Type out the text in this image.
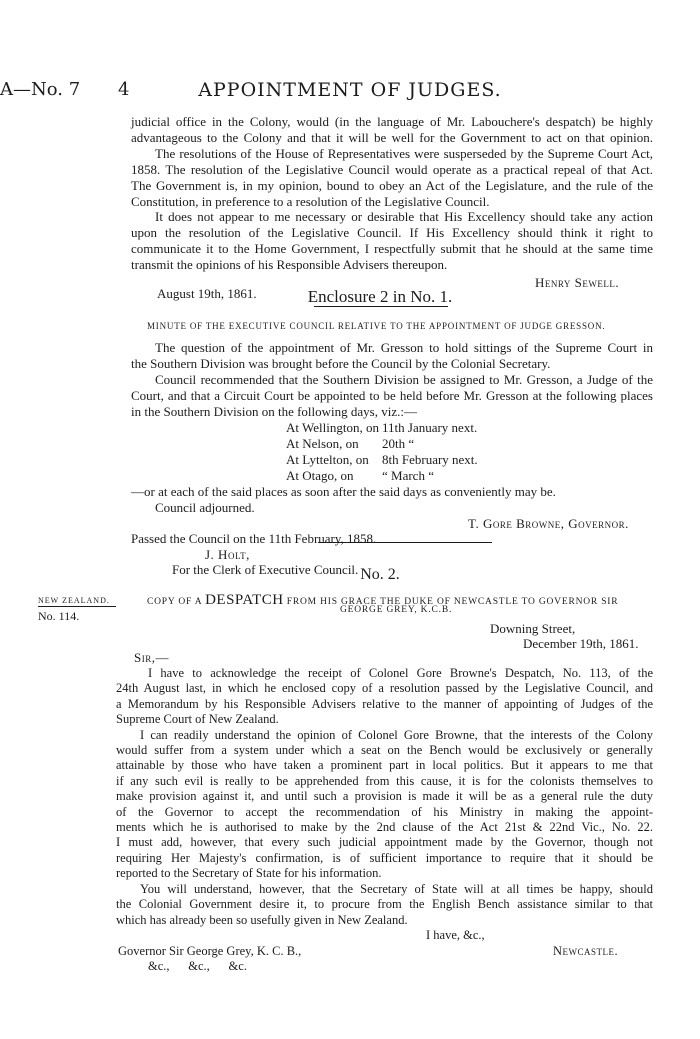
APPOINTMENT OF JUDGES.
A—No. 7 4
judicial office in the Colony, would (in the language of Mr. Labouchere's despatch) be highly
advantageous to the Colony and that it will be well for the Government to act on that opinion.
The resolutions of the House of Representatives were susperseded by the Supreme Court Act,
1858. The resolution of the Legislative Council would operate as a practical repeal of that Act.
The Government is, in my opinion, bound to obey an Act of the Legislature, and the rule of the
Constitution, in preference to a resolution of the Legislative Council.
It does not appear to me necessary or desirable that His Excellency should take any action
upon the resolution of the Legislative Council. If His Excellency should think it right to
communicate it to the Home Government, I respectfully submit that he should at the same time
transmit the opinions of his Responsible Advisers thereupon.
Henry Sewell.
August 19th, 1861.	Enclosure 2 in No. 1.
MINUTE OF THE EXECUTIVE COUNCIL RELATIVE TO THE APPOINTMENT OF JUDGE GRESSON.
The question of the appointment of Mr. Gresson to hold sittings of the Supreme Court in
the Southern Division was brought before the Council by the Colonial Secretary.
Council recommended that the Southern Division be assigned to Mr. Gresson, a Judge of the
Court, and that a Circuit Court be appointed to be held before Mr. Gresson at the following places
in the Southern Division on the following days, viz.:—
At Wellington, on 11th January next.
At Nelson, on 20th “
At Lyttelton, on 8th February next.
At Otago, on “ March “
—or at each of the said places as soon after the said days as conveniently may be.
Council adjourned.
T. Gore Browne, Governor.
Passed the Council on the 11th February, 1858.
J. Holt,
For the Clerk of Executive Council. No. 2.
NEW ZEALAND.
No. 114.
COPY OF A DESPATCH FROM HIS GRACE THE DUKE OF NEWCASTLE TO GOVERNOR SIR
GEORGE GREY, K.C.B.
Downing Street,
December 19th, 1861.
Sir,—
I have to acknowledge the receipt of Colonel Gore Browne's Despatch, No. 113, of the
24th August last, in which he enclosed copy of a resolution passed by the Legislative Council, and
a Memorandum by his Responsible Advisers relative to the manner of appointing of Judges of the
Supreme Court of New Zealand.
I can readily understand the opinion of Colonel Gore Browne, that the interests of the Colony
would suffer from a system under which a seat on the Bench would be exclusively or generally
attainable by those who have taken a prominent part in local politics. But it appears to me that
if any such evil is really to be apprehended from this cause, it is for the colonists themselves to
make provision against it, and until such a provision is made it will be as a general rule the duty
of the Governor to accept the recommendation of his Ministry in making the appoint-
ments which he is authorised to make by the 2nd clause of the Act 21st & 22nd Vic., No. 22.
I must add, however, that every such judicial appointment made by the Governor, though not
requiring Her Majesty's confirmation, is of sufficient importance to require that it should be
reported to the Secretary of State for his information.
You will understand, however, that the Secretary of State will at all times be happy, should
the Colonial Government desire it, to procure from the English Bench assistance similar to that
which has already been so usefully given in New Zealand.
I have, &c.,
Newcastle.
Governor Sir George Grey, K. C. B.,
&c.,      &c.,      &c.
